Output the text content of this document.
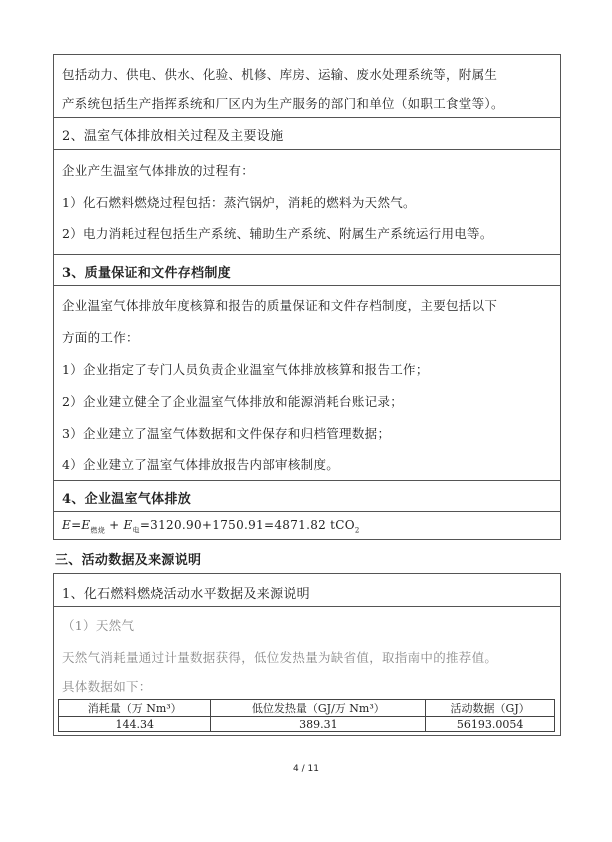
包括动力、供电、供水、化验、机修、库房、运输、废水处理系统等，附属生
产系统包括生产指挥系统和厂区内为生产服务的部门和单位（如职工食堂等）。
2、温室气体排放相关过程及主要设施
企业产生温室气体排放的过程有：
1）化石燃料燃烧过程包括：蒸汽锅炉，消耗的燃料为天然气。
2）电力消耗过程包括生产系统、辅助生产系统、附属生产系统运行用电等。
3、质量保证和文件存档制度
企业温室气体排放年度核算和报告的质量保证和文件存档制度，主要包括以下
方面的工作：
1）企业指定了专门人员负责企业温室气体排放核算和报告工作；
2）企业建立健全了企业温室气体排放和能源消耗台账记录；
3）企业建立了温室气体数据和文件保存和归档管理数据；
4）企业建立了温室气体排放报告内部审核制度。
4、企业温室气体排放
$E=E_{燃烧} + E_电=3120.90+1750.91=4871.82$ tCO$_2$
三、活动数据及来源说明
1、化石燃料燃烧活动水平数据及来源说明
（1）天然气
天然气消耗量通过计量数据获得，低位发热量为缺省值，取指南中的推荐值。
具体数据如下：
消耗量（万 Nm³）	低位发热量（GJ/万 Nm³）	活动数据（GJ）
144.34	389.31	56193.0054
4 / 11
